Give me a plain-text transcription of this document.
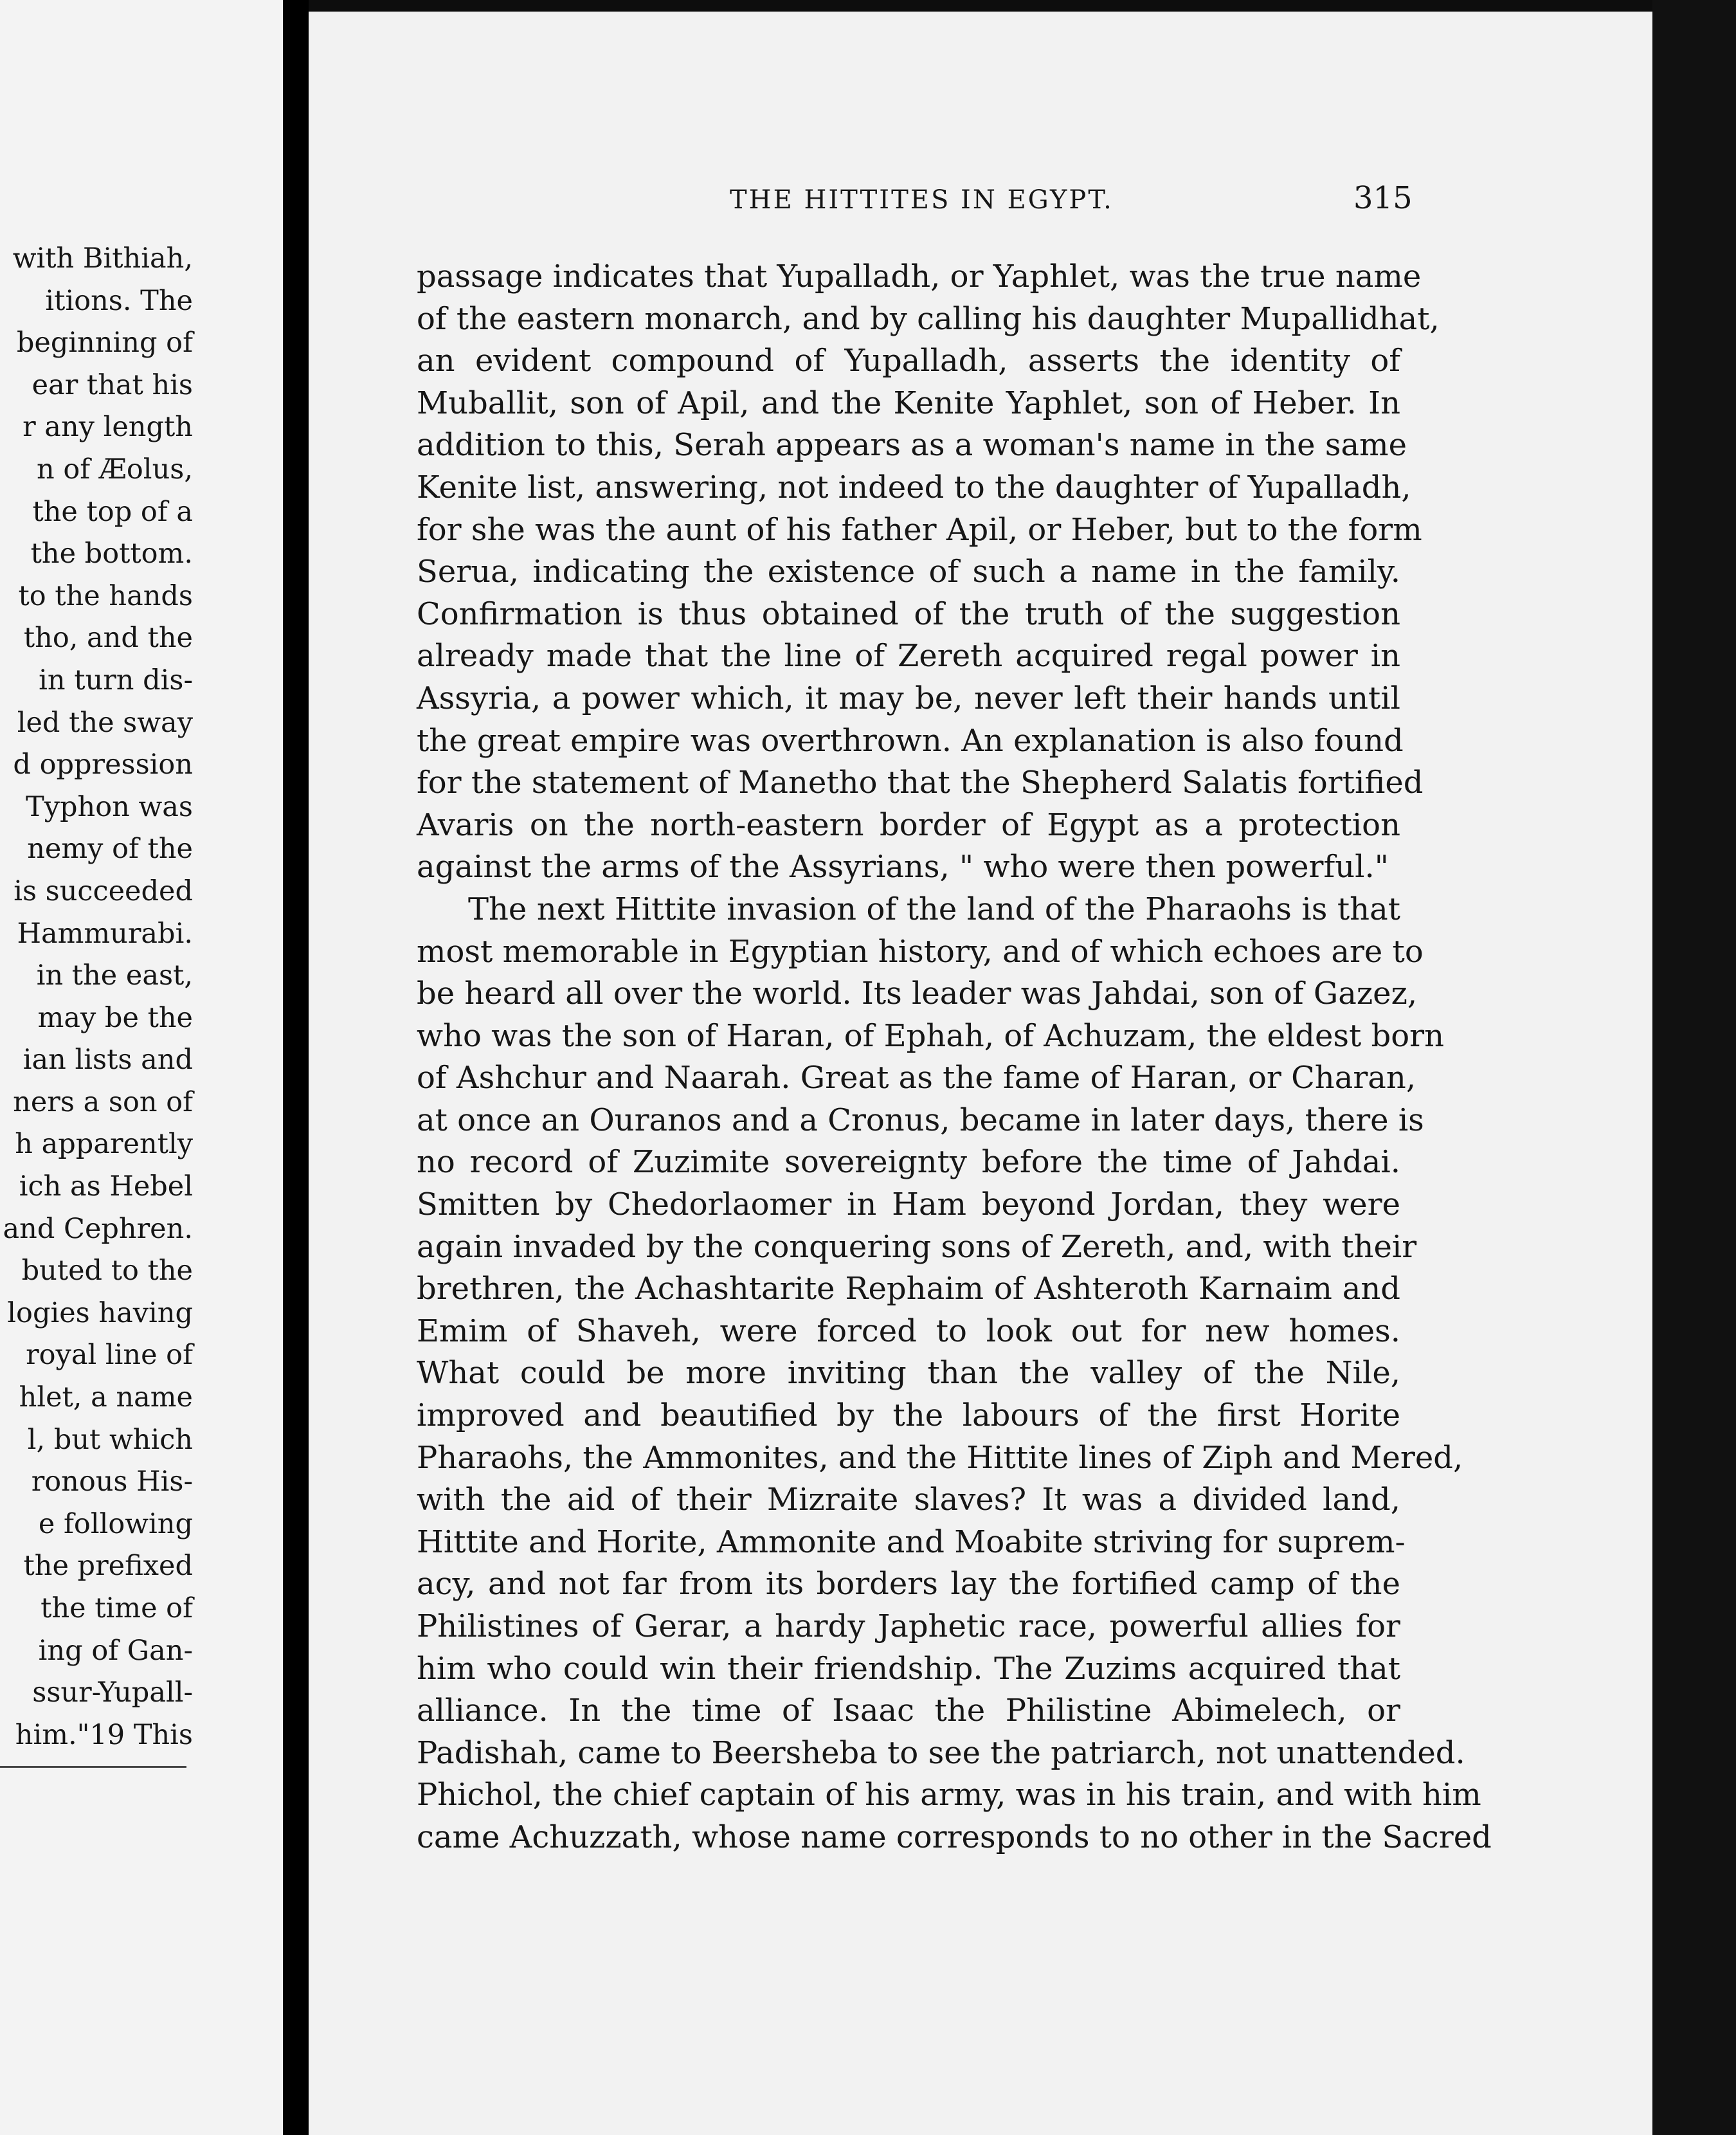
with Bithiah,
itions. The
beginning of
ear that his
r any length
n of Æolus,
the top of a
the bottom.
to the hands
tho, and the
in turn dis-
led the sway
d oppression
Typhon was
nemy of the
is succeeded
Hammurabi.
in the east,
may be the
ian lists and
ners a son of
h apparently
ich as Hebel
and Cephren.
buted to the
logies having
royal line of
hlet, a name
l, but which
ronous His-
e following
the prefixed
the time of
ing of Gan-
ssur-Yupall-
him."19 This
THE HITTITES IN EGYPT.	315
passage indicates that Yupalladh, or Yaphlet, was the true name
of the eastern monarch, and by calling his daughter Mupallidhat,
an evident compound of Yupalladh, asserts the identity of
Muballit, son of Apil, and the Kenite Yaphlet, son of Heber. In
addition to this, Serah appears as a woman's name in the same
Kenite list, answering, not indeed to the daughter of Yupalladh,
for she was the aunt of his father Apil, or Heber, but to the form
Serua, indicating the existence of such a name in the family.
Confirmation is thus obtained of the truth of the suggestion
already made that the line of Zereth acquired regal power in
Assyria, a power which, it may be, never left their hands until
the great empire was overthrown. An explanation is also found
for the statement of Manetho that the Shepherd Salatis fortified
Avaris on the north-eastern border of Egypt as a protection
against the arms of the Assyrians, " who were then powerful."
The next Hittite invasion of the land of the Pharaohs is that
most memorable in Egyptian history, and of which echoes are to
be heard all over the world. Its leader was Jahdai, son of Gazez,
who was the son of Haran, of Ephah, of Achuzam, the eldest born
of Ashchur and Naarah. Great as the fame of Haran, or Charan,
at once an Ouranos and a Cronus, became in later days, there is
no record of Zuzimite sovereignty before the time of Jahdai.
Smitten by Chedorlaomer in Ham beyond Jordan, they were
again invaded by the conquering sons of Zereth, and, with their
brethren, the Achashtarite Rephaim of Ashteroth Karnaim and
Emim of Shaveh, were forced to look out for new homes.
What could be more inviting than the valley of the Nile,
improved and beautified by the labours of the first Horite
Pharaohs, the Ammonites, and the Hittite lines of Ziph and Mered,
with the aid of their Mizraite slaves? It was a divided land,
Hittite and Horite, Ammonite and Moabite striving for suprem-
acy, and not far from its borders lay the fortified camp of the
Philistines of Gerar, a hardy Japhetic race, powerful allies for
him who could win their friendship. The Zuzims acquired that
alliance. In the time of Isaac the Philistine Abimelech, or
Padishah, came to Beersheba to see the patriarch, not unattended.
Phichol, the chief captain of his army, was in his train, and with him
came Achuzzath, whose name corresponds to no other in the Sacred
